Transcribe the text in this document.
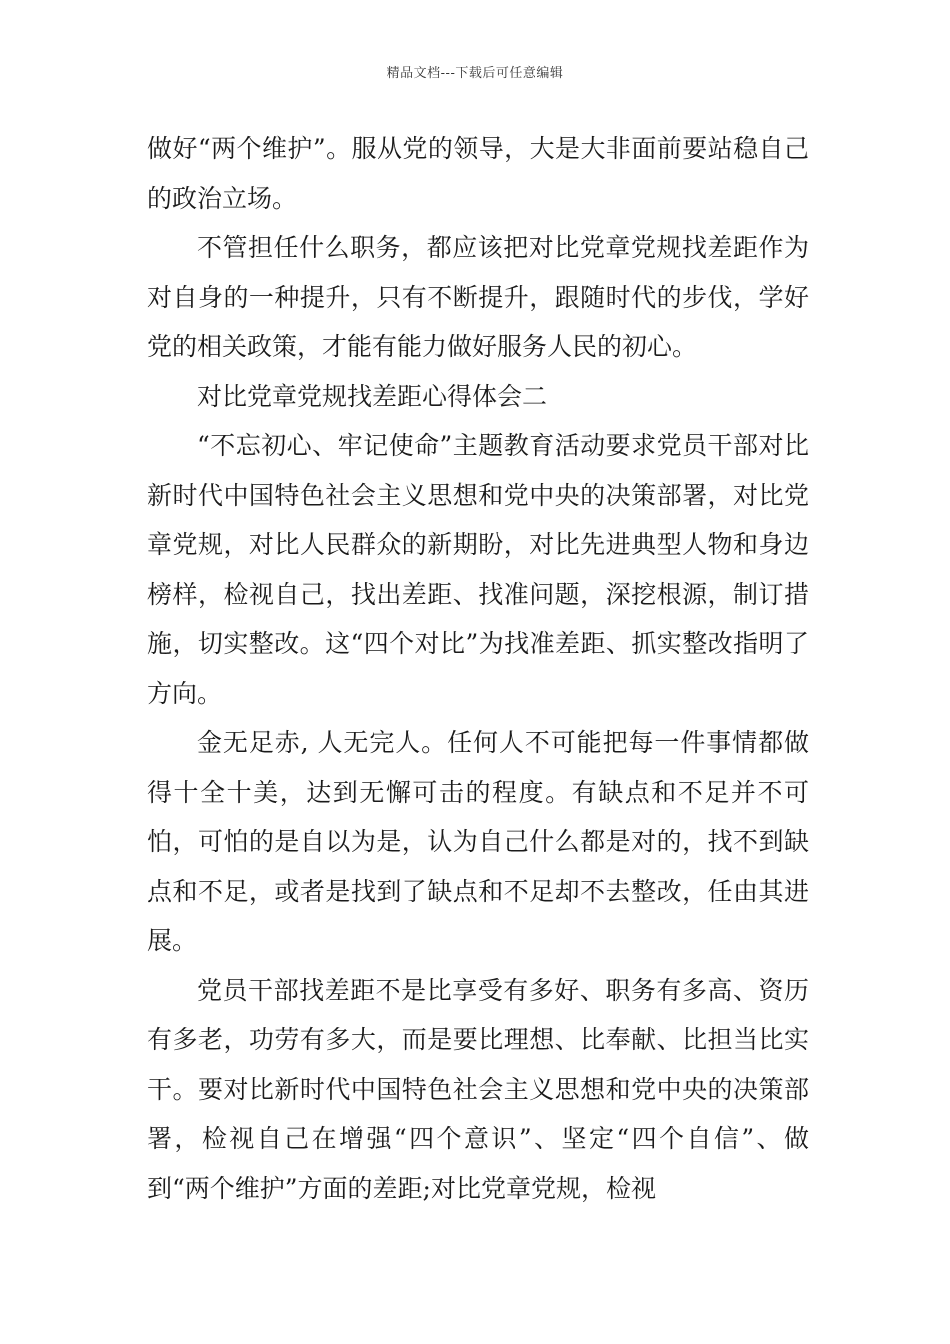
精品文档---下载后可任意编辑

做好“两个维护”。服从党的领导，大是大非面前要站稳自己的政治立场。

不管担任什么职务，都应该把对比党章党规找差距作为对自身的一种提升，只有不断提升，跟随时代的步伐，学好党的相关政策，才能有能力做好服务人民的初心。

对比党章党规找差距心得体会二

“不忘初心、牢记使命”主题教育活动要求党员干部对比新时代中国特色社会主义思想和党中央的决策部署，对比党章党规，对比人民群众的新期盼，对比先进典型人物和身边榜样，检视自己，找出差距、找准问题，深挖根源，制订措施，切实整改。这“四个对比”为找准差距、抓实整改指明了方向。

金无足赤, 人无完人。任何人不可能把每一件事情都做得十全十美，达到无懈可击的程度。有缺点和不足并不可怕，可怕的是自以为是，认为自己什么都是对的，找不到缺点和不足，或者是找到了缺点和不足却不去整改，任由其进展。

党员干部找差距不是比享受有多好、职务有多高、资历有多老，功劳有多大，而是要比理想、比奉献、比担当比实干。要对比新时代中国特色社会主义思想和党中央的决策部署，检视自己在增强“四个意识”、坚定“四个自信”、做到“两个维护”方面的差距;对比党章党规，检视
